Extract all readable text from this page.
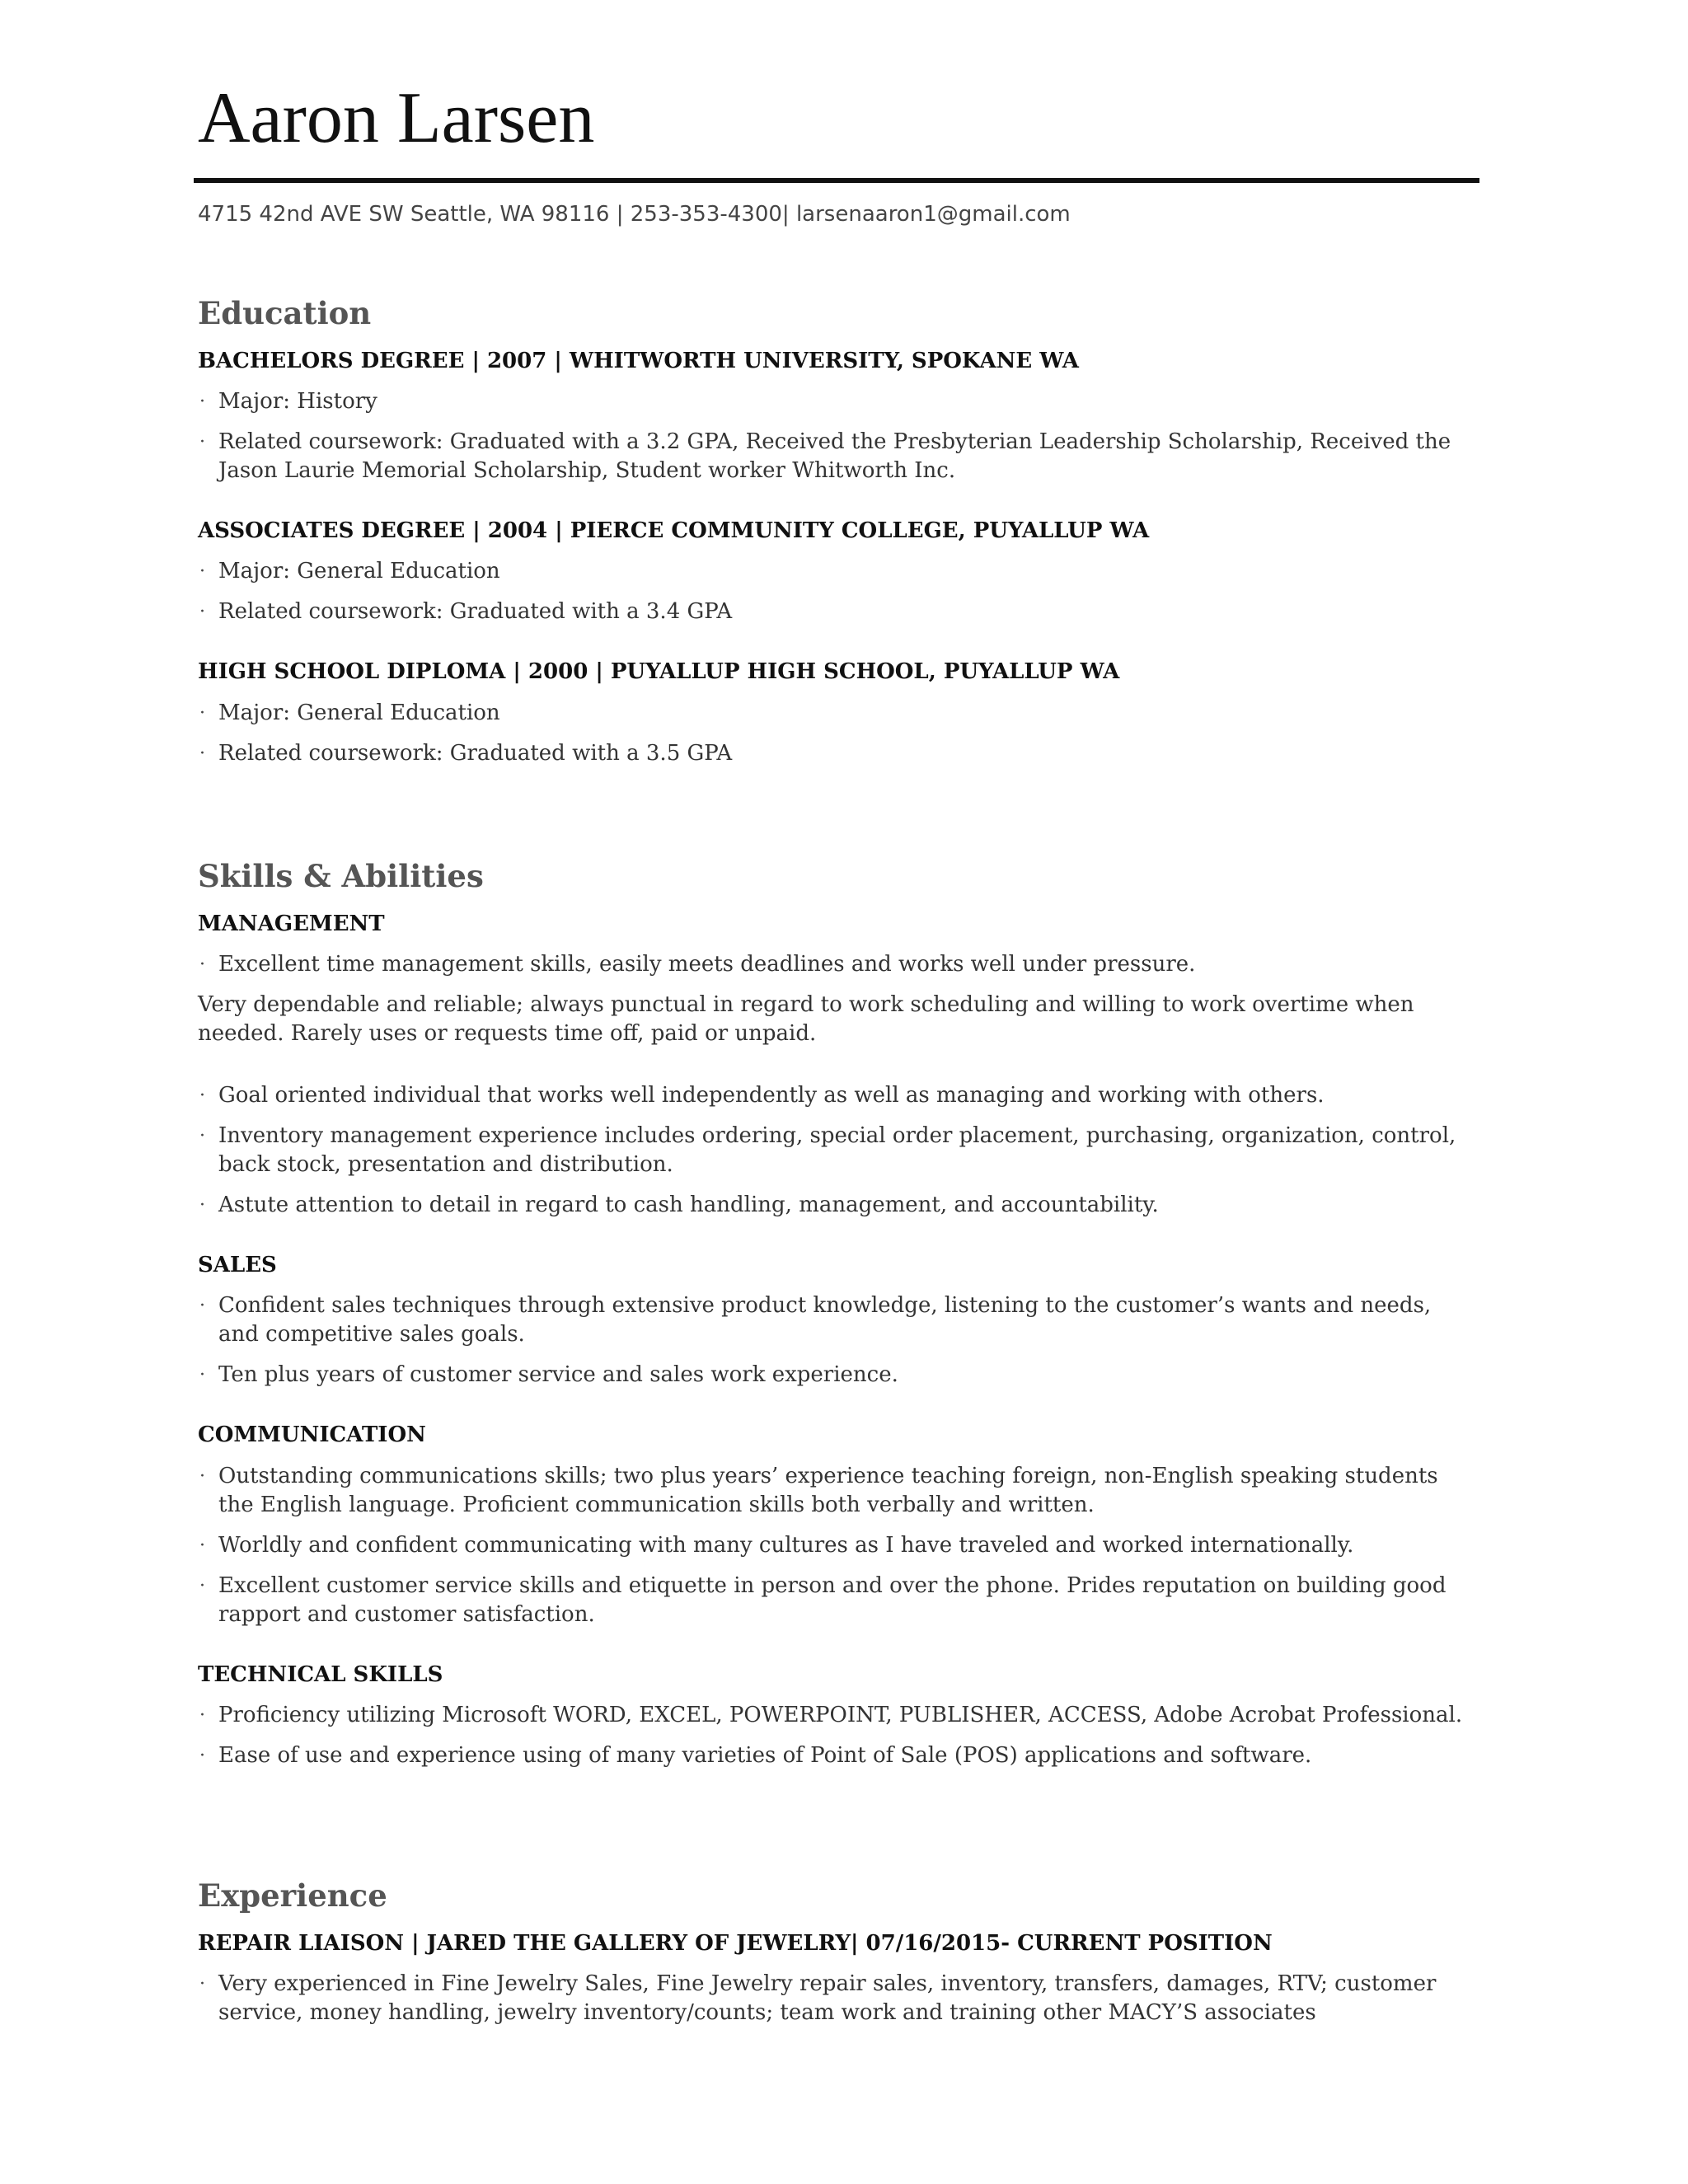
Aaron Larsen
4715 42nd AVE SW Seattle, WA 98116 | 253-353-4300| larsenaaron1@gmail.com
Education
BACHELORS DEGREE | 2007 | WHITWORTH UNIVERSITY, SPOKANE WA
· Major: History
· Related coursework: Graduated with a 3.2 GPA, Received the Presbyterian Leadership Scholarship, Received the Jason Laurie Memorial Scholarship, Student worker Whitworth Inc.
ASSOCIATES DEGREE | 2004 | PIERCE COMMUNITY COLLEGE, PUYALLUP WA
· Major: General Education
· Related coursework: Graduated with a 3.4 GPA
HIGH SCHOOL DIPLOMA | 2000 | PUYALLUP HIGH SCHOOL, PUYALLUP WA
· Major: General Education
· Related coursework: Graduated with a 3.5 GPA
Skills & Abilities
MANAGEMENT
· Excellent time management skills, easily meets deadlines and works well under pressure.
Very dependable and reliable; always punctual in regard to work scheduling and willing to work overtime when needed. Rarely uses or requests time off, paid or unpaid.
· Goal oriented individual that works well independently as well as managing and working with others.
· Inventory management experience includes ordering, special order placement, purchasing, organization, control, back stock, presentation and distribution.
· Astute attention to detail in regard to cash handling, management, and accountability.
SALES
· Confident sales techniques through extensive product knowledge, listening to the customer’s wants and needs, and competitive sales goals.
· Ten plus years of customer service and sales work experience.
COMMUNICATION
· Outstanding communications skills; two plus years’ experience teaching foreign, non-English speaking students the English language. Proficient communication skills both verbally and written.
· Worldly and confident communicating with many cultures as I have traveled and worked internationally.
· Excellent customer service skills and etiquette in person and over the phone. Prides reputation on building good rapport and customer satisfaction.
TECHNICAL SKILLS
· Proficiency utilizing Microsoft WORD, EXCEL, POWERPOINT, PUBLISHER, ACCESS, Adobe Acrobat Professional.
· Ease of use and experience using of many varieties of Point of Sale (POS) applications and software.
Experience
REPAIR LIAISON | JARED THE GALLERY OF JEWELRY| 07/16/2015- CURRENT POSITION
· Very experienced in Fine Jewelry Sales, Fine Jewelry repair sales, inventory, transfers, damages, RTV; customer service, money handling, jewelry inventory/counts; team work and training other MACY’S associates
